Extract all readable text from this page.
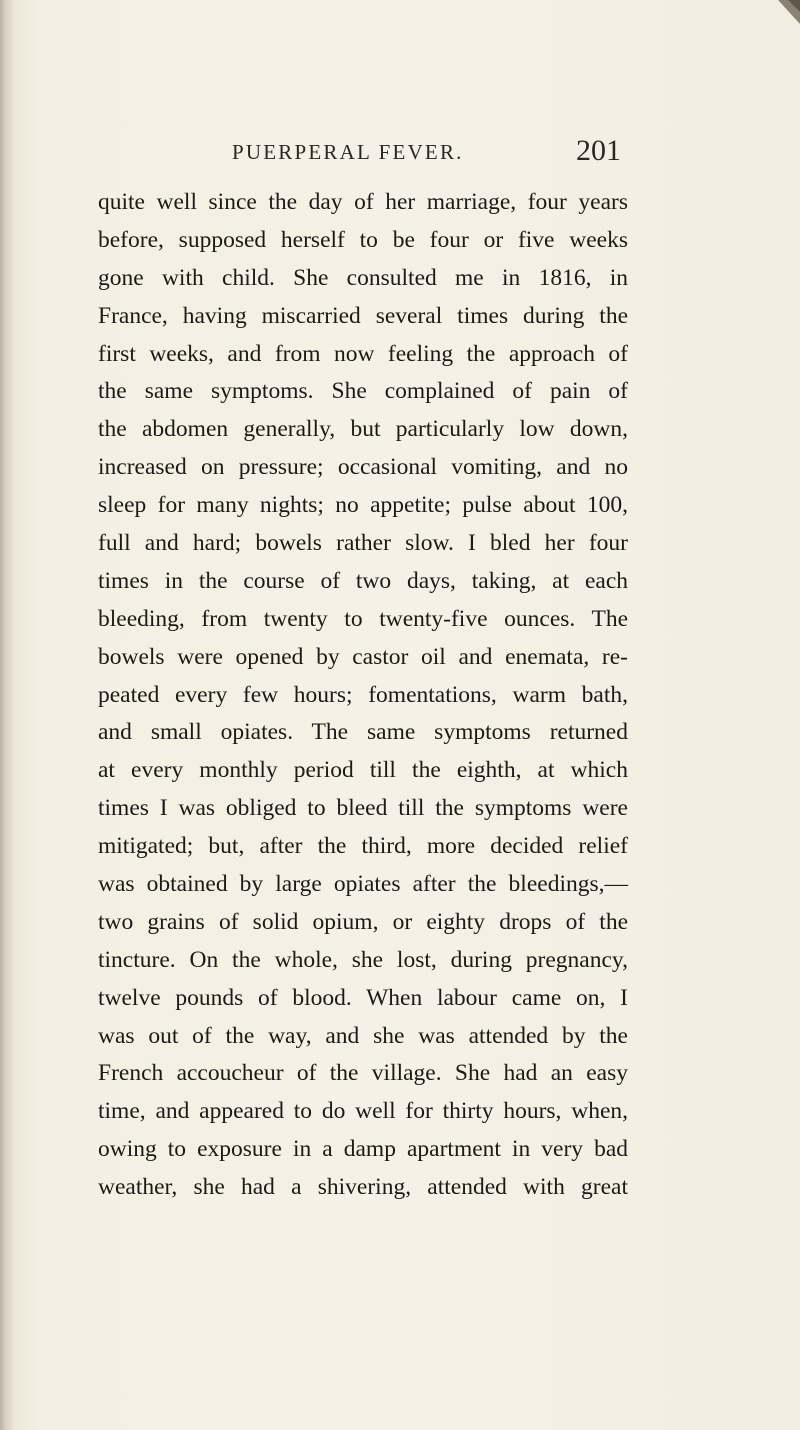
PUERPERAL FEVER.	201
quite well since the day of her marriage, four years
before, supposed herself to be four or five weeks
gone with child. She consulted me in 1816, in
France, having miscarried several times during the
first weeks, and from now feeling the approach of
the same symptoms. She complained of pain of
the abdomen generally, but particularly low down,
increased on pressure; occasional vomiting, and no
sleep for many nights; no appetite; pulse about 100,
full and hard; bowels rather slow. I bled her four
times in the course of two days, taking, at each
bleeding, from twenty to twenty-five ounces. The
bowels were opened by castor oil and enemata, re-
peated every few hours; fomentations, warm bath,
and small opiates. The same symptoms returned
at every monthly period till the eighth, at which
times I was obliged to bleed till the symptoms were
mitigated; but, after the third, more decided relief
was obtained by large opiates after the bleedings,—
two grains of solid opium, or eighty drops of the
tincture. On the whole, she lost, during pregnancy,
twelve pounds of blood. When labour came on, I
was out of the way, and she was attended by the
French accoucheur of the village. She had an easy
time, and appeared to do well for thirty hours, when,
owing to exposure in a damp apartment in very bad
weather, she had a shivering, attended with great
